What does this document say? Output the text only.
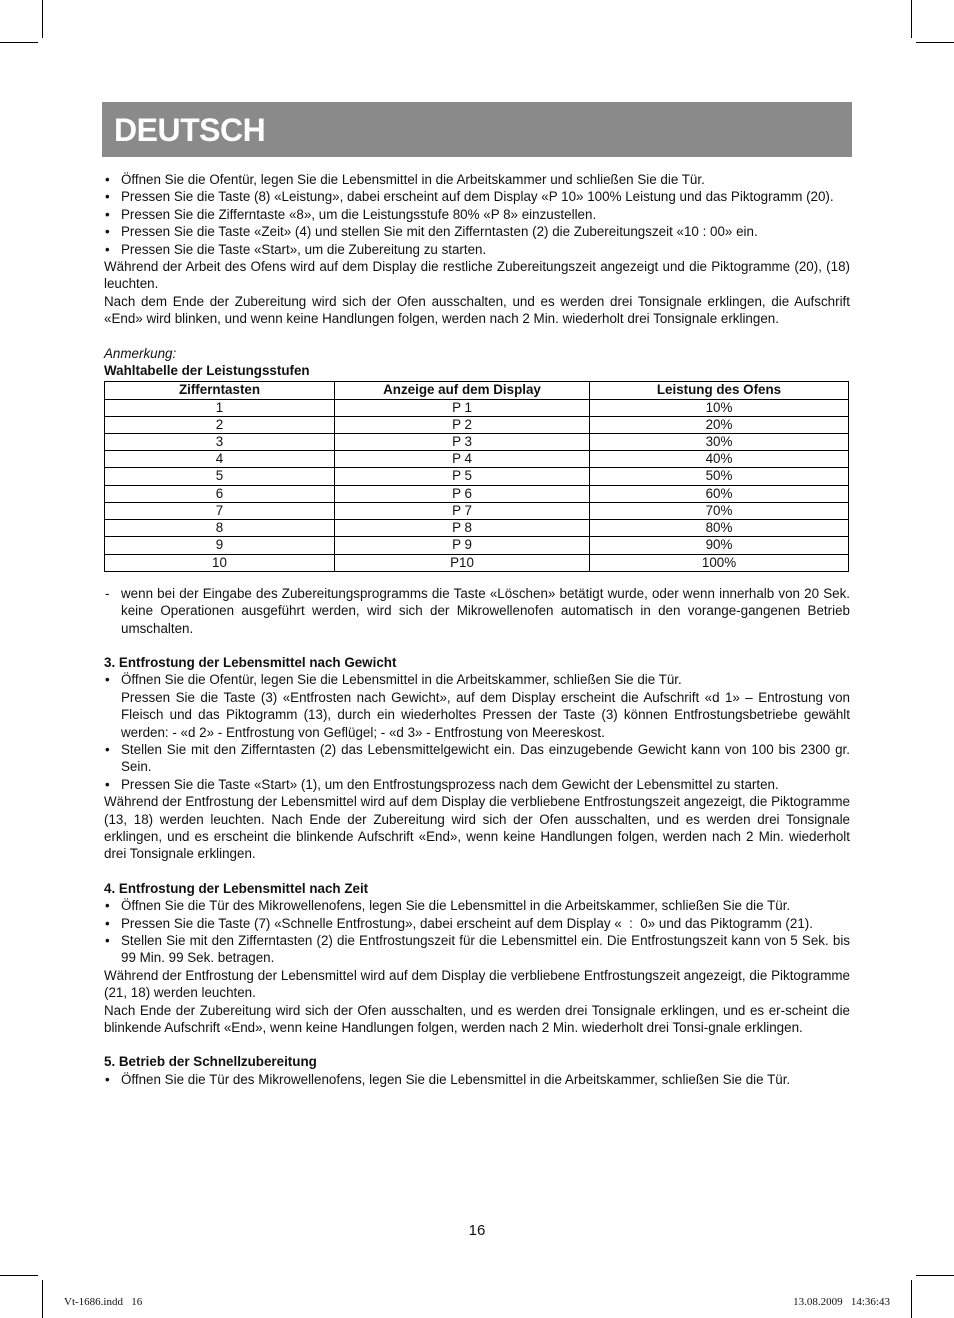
DEUTSCH
• Öffnen Sie die Ofentür, legen Sie die Lebensmittel in die Arbeitskammer und schließen Sie die Tür.
• Pressen Sie die Taste (8) «Leistung», dabei erscheint auf dem Display «P 10» 100% Leistung und das Piktogramm (20).
• Pressen Sie die Zifferntaste «8», um die Leistungsstufe 80% «P 8» einzustellen.
• Pressen Sie die Taste «Zeit» (4) und stellen Sie mit den Zifferntasten (2) die Zubereitungszeit «10 : 00» ein.
• Pressen Sie die Taste «Start», um die Zubereitung zu starten.
Während der Arbeit des Ofens wird auf dem Display die restliche Zubereitungszeit angezeigt und die Piktogramme (20), (18) leuchten.
Nach dem Ende der Zubereitung wird sich der Ofen ausschalten, und es werden drei Tonsignale erklingen, die Aufschrift «End» wird blinken, und wenn keine Handlungen folgen, werden nach 2 Min. wiederholt drei Tonsignale erklingen.
Anmerkung:
Wahltabelle der Leistungsstufen
Zifferntasten	Anzeige auf dem Display	Leistung des Ofens
1	P 1	10%
2	P 2	20%
3	P 3	30%
4	P 4	40%
5	P 5	50%
6	P 6	60%
7	P 7	70%
8	P 8	80%
9	P 9	90%
10	P10	100%
- wenn bei der Eingabe des Zubereitungsprogramms die Taste «Löschen» betätigt wurde, oder wenn innerhalb von 20 Sek. keine Operationen ausgeführt werden, wird sich der Mikrowellenofen automatisch in den vorange-gangenen Betrieb umschalten.
3. Entfrostung der Lebensmittel nach Gewicht
• Öffnen Sie die Ofentür, legen Sie die Lebensmittel in die Arbeitskammer, schließen Sie die Tür.
Pressen Sie die Taste (3) «Entfrosten nach Gewicht», auf dem Display erscheint die Aufschrift «d 1» – Entrostung von Fleisch und das Piktogramm (13), durch ein wiederholtes Pressen der Taste (3) können Entfrostungsbetriebe gewählt werden: - «d 2» - Entfrostung von Geflügel; - «d 3» - Entfrostung von Meereskost.
• Stellen Sie mit den Zifferntasten (2) das Lebensmittelgewicht ein. Das einzugebende Gewicht kann von 100 bis 2300 gr. Sein.
• Pressen Sie die Taste «Start» (1), um den Entfrostungsprozess nach dem Gewicht der Lebensmittel zu starten.
Während der Entfrostung der Lebensmittel wird auf dem Display die verbliebene Entfrostungszeit angezeigt, die Piktogramme (13, 18) werden leuchten. Nach Ende der Zubereitung wird sich der Ofen ausschalten, und es werden drei Tonsignale erklingen, und es erscheint die blinkende Aufschrift «End», wenn keine Handlungen folgen, werden nach 2 Min. wiederholt drei Tonsignale erklingen.
4. Entfrostung der Lebensmittel nach Zeit
• Öffnen Sie die Tür des Mikrowellenofens, legen Sie die Lebensmittel in die Arbeitskammer, schließen Sie die Tür.
• Pressen Sie die Taste (7) «Schnelle Entfrostung», dabei erscheint auf dem Display «  :  0» und das Piktogramm (21).
• Stellen Sie mit den Zifferntasten (2) die Entfrostungszeit für die Lebensmittel ein. Die Entfrostungszeit kann von 5 Sek. bis 99 Min. 99 Sek. betragen.
Während der Entfrostung der Lebensmittel wird auf dem Display die verbliebene Entfrostungszeit angezeigt, die Piktogramme (21, 18) werden leuchten.
Nach Ende der Zubereitung wird sich der Ofen ausschalten, und es werden drei Tonsignale erklingen, und es er-scheint die blinkende Aufschrift «End», wenn keine Handlungen folgen, werden nach 2 Min. wiederholt drei Tonsi-gnale erklingen.
5. Betrieb der Schnellzubereitung
• Öffnen Sie die Tür des Mikrowellenofens, legen Sie die Lebensmittel in die Arbeitskammer, schließen Sie die Tür.
16
Vt-1686.indd   16	13.08.2009   14:36:43
